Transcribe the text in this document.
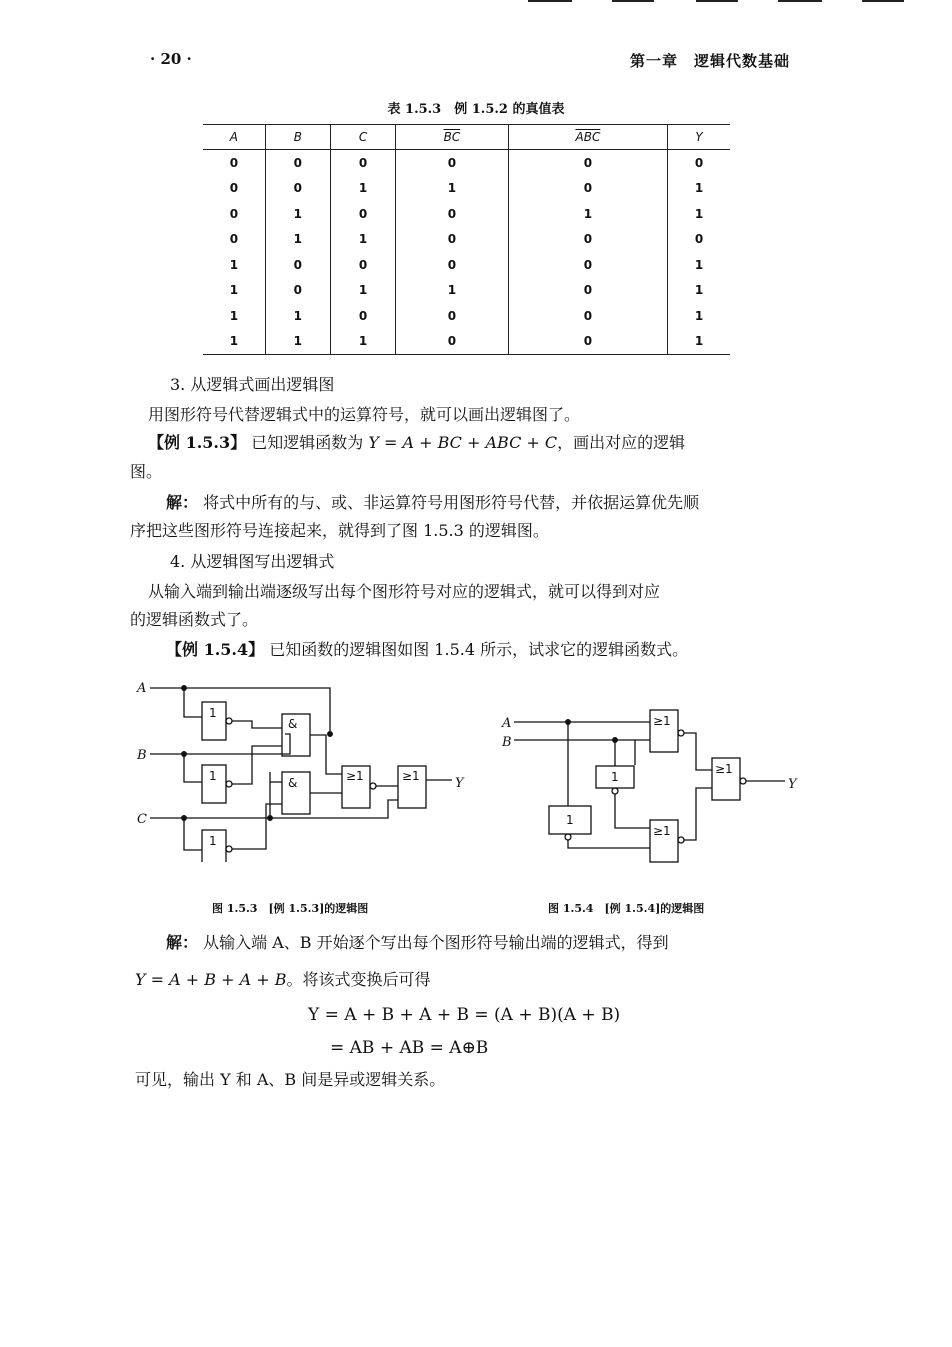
· 20 ·	第一章　逻辑代数基础
表 1.5.3　例 1.5.2 的真值表
A	B	C	$\overline{BC}$	$\overline{ABC}$	Y
0	0	0	0	0	0
0	0	1	1	0	1
0	1	0	0	1	1
0	1	1	0	0	0
1	0	0	0	0	1
1	0	1	1	0	1
1	1	0	0	0	1
1	1	1	0	0	1
3. 从逻辑式画出逻辑图
用图形符号代替逻辑式中的运算符号，就可以画出逻辑图了。
【例 1.5.3】 已知逻辑函数为 Y = A + BC + ABC + C，画出对应的逻辑
图。
解： 将式中所有的与、或、非运算符号用图形符号代替，并依据运算优先顺
序把这些图形符号连接起来，就得到了图 1.5.3 的逻辑图。
4. 从逻辑图写出逻辑式
从输入端到输出端逐级写出每个图形符号对应的逻辑式，就可以得到对应
的逻辑函数式了。
【例 1.5.4】 已知函数的逻辑图如图 1.5.4 所示，试求它的逻辑函数式。
A
B
C
Y
1
1
1
&
&	≥1	≥1
A
B
Y
≥1
1
1
≥1
≥1
图 1.5.3　[例 1.5.3]的逻辑图	图 1.5.4　[例 1.5.4]的逻辑图
解： 从输入端 A、B 开始逐个写出每个图形符号输出端的逻辑式，得到
Y = A + B + A + B。将该式变换后可得
Y = A + B + A + B = (A + B)(A + B)
= AB + AB = A⊕B
可见，输出 Y 和 A、B 间是异或逻辑关系。
